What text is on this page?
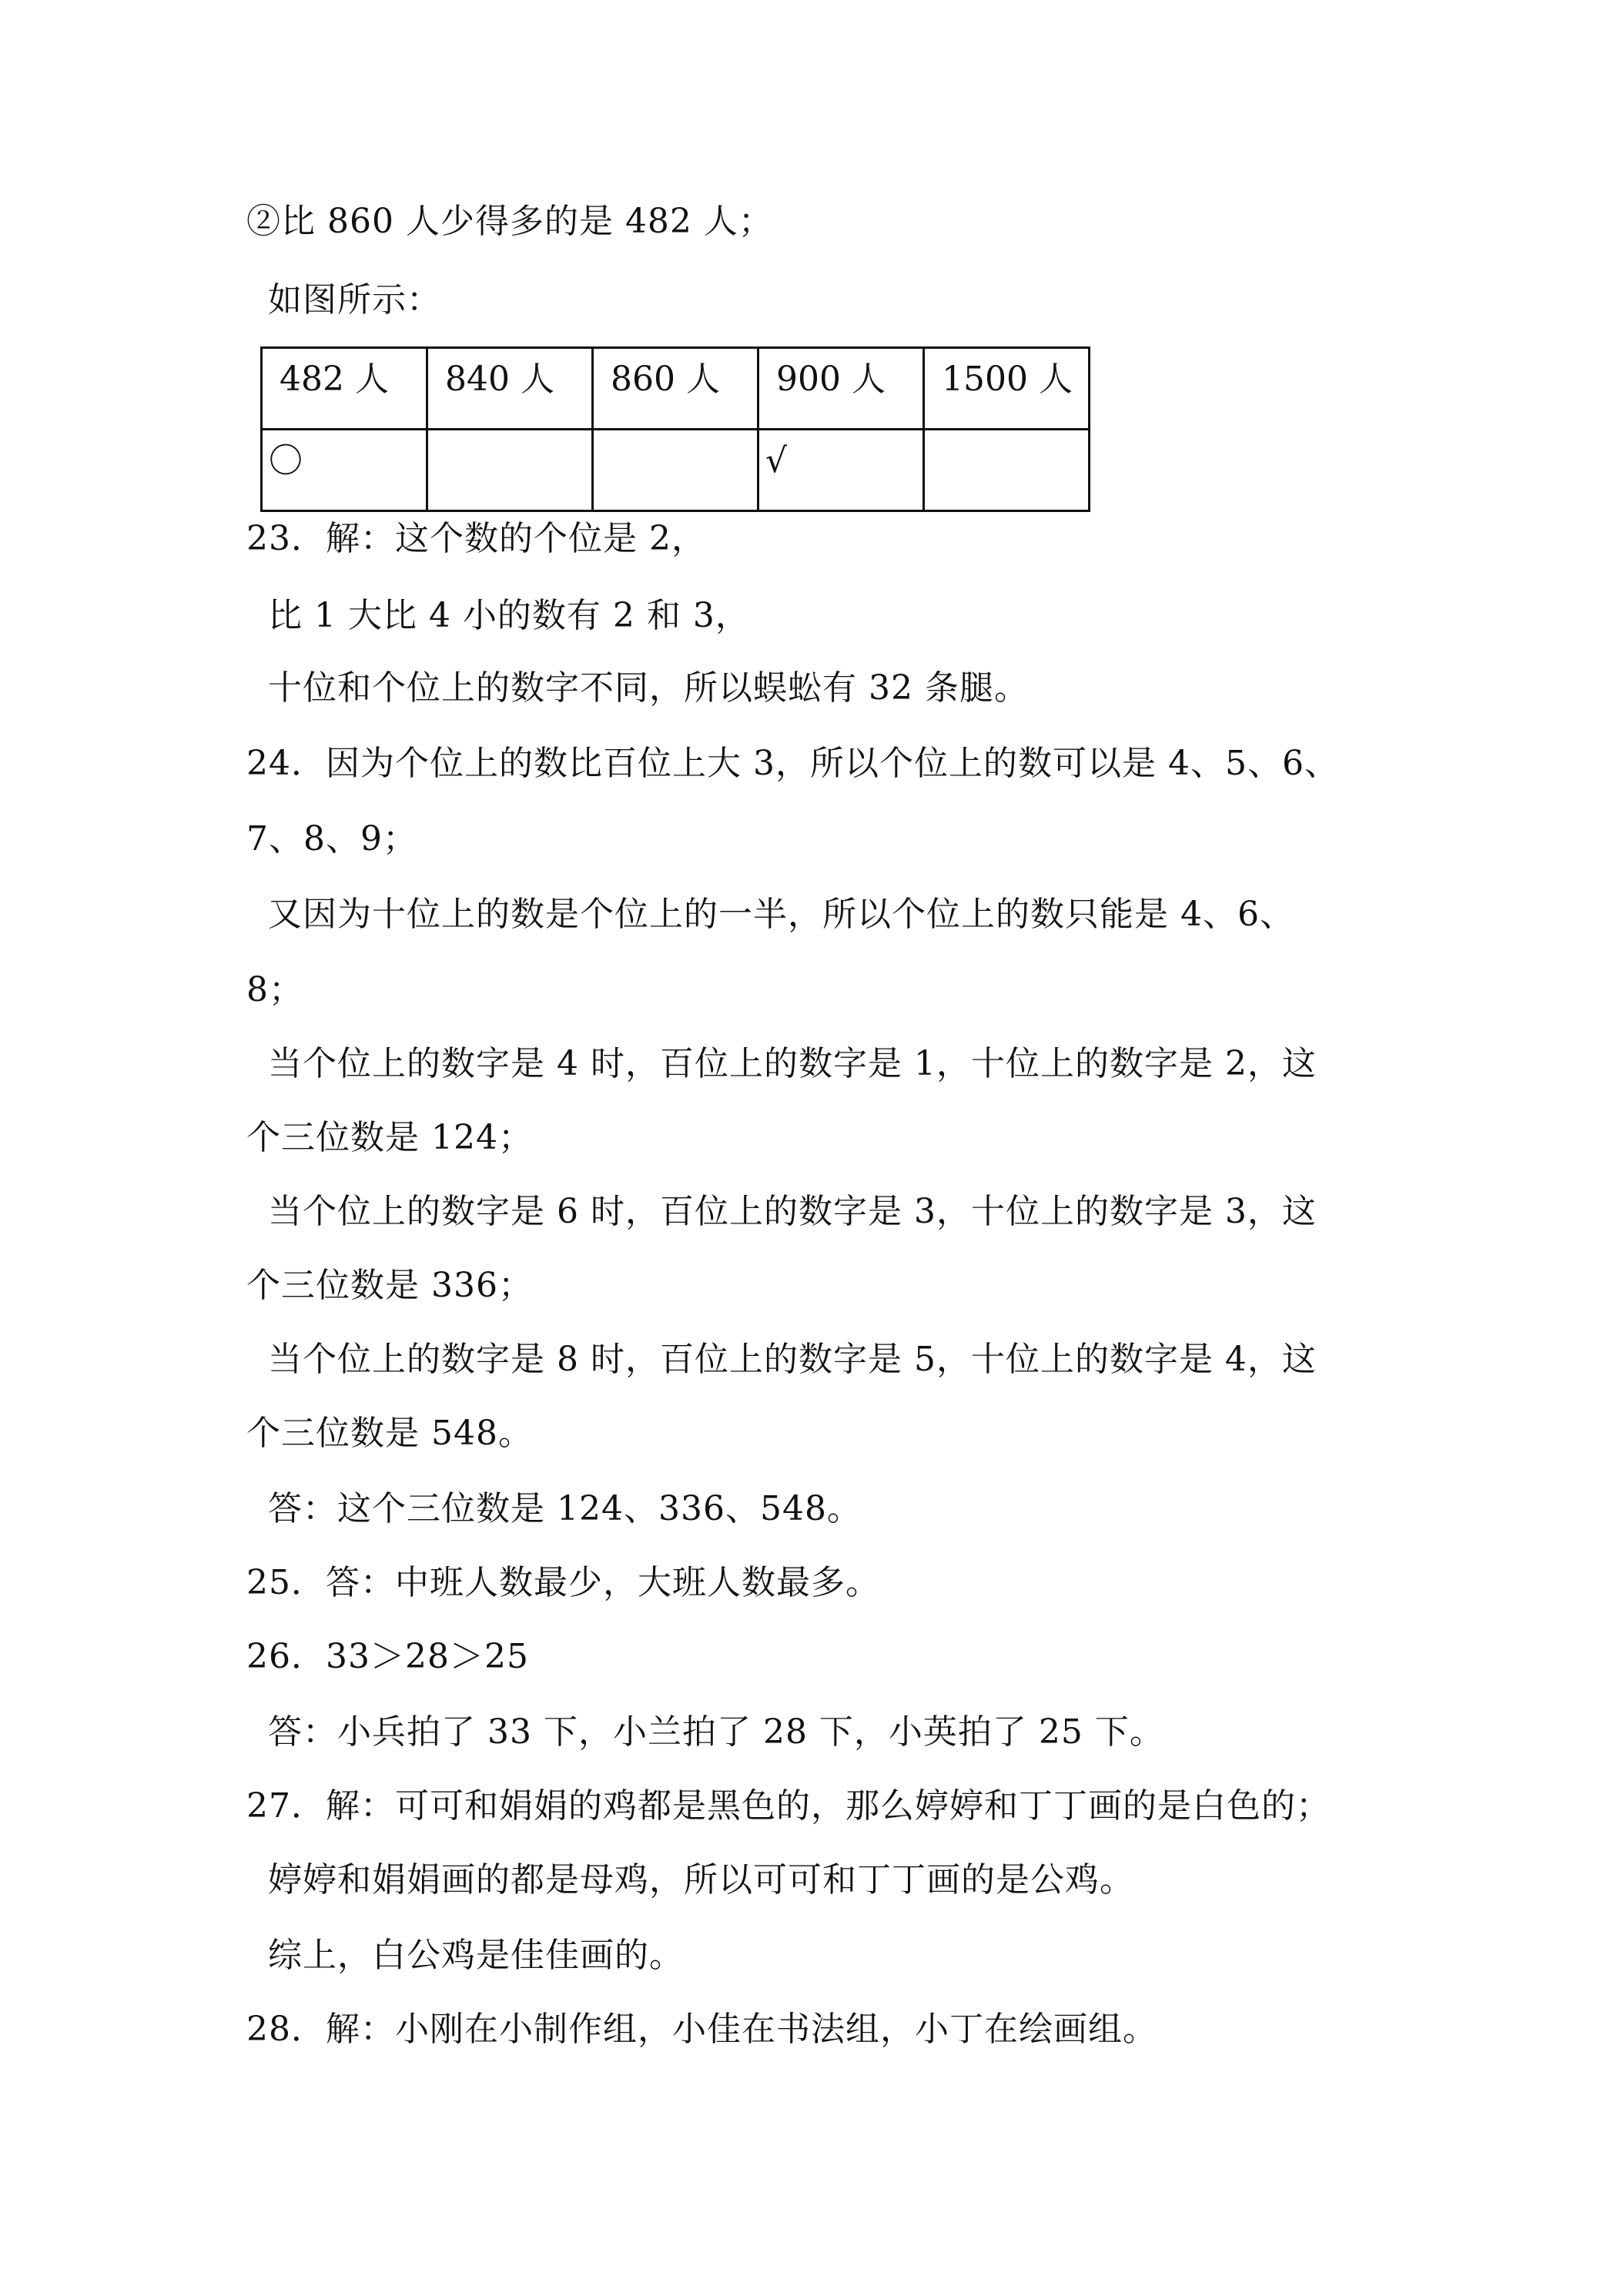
②比 860 人少得多的是 482 人；
如图所示：
482 人	840 人	860 人	900 人	1500 人

〇			√	

23．解：这个数的个位是 2，
比 1 大比 4 小的数有 2 和 3，
十位和个位上的数字不同，所以蜈蚣有 32 条腿。
24．因为个位上的数比百位上大 3，所以个位上的数可以是 4、5、6、
7、8、9；
又因为十位上的数是个位上的一半，所以个位上的数只能是 4、6、
8；
当个位上的数字是 4 时，百位上的数字是 1，十位上的数字是 2，这
个三位数是 124；
当个位上的数字是 6 时，百位上的数字是 3，十位上的数字是 3，这
个三位数是 336；
当个位上的数字是 8 时，百位上的数字是 5，十位上的数字是 4，这
个三位数是 548。
答：这个三位数是 124、336、548。
25．答：中班人数最少，大班人数最多。
26．33＞28＞25
答：小兵拍了 33 下，小兰拍了 28 下，小英拍了 25 下。
27．解：可可和娟娟的鸡都是黑色的，那么婷婷和丁丁画的是白色的；
婷婷和娟娟画的都是母鸡，所以可可和丁丁画的是公鸡。
综上，白公鸡是佳佳画的。
28．解：小刚在小制作组，小佳在书法组，小丁在绘画组。
